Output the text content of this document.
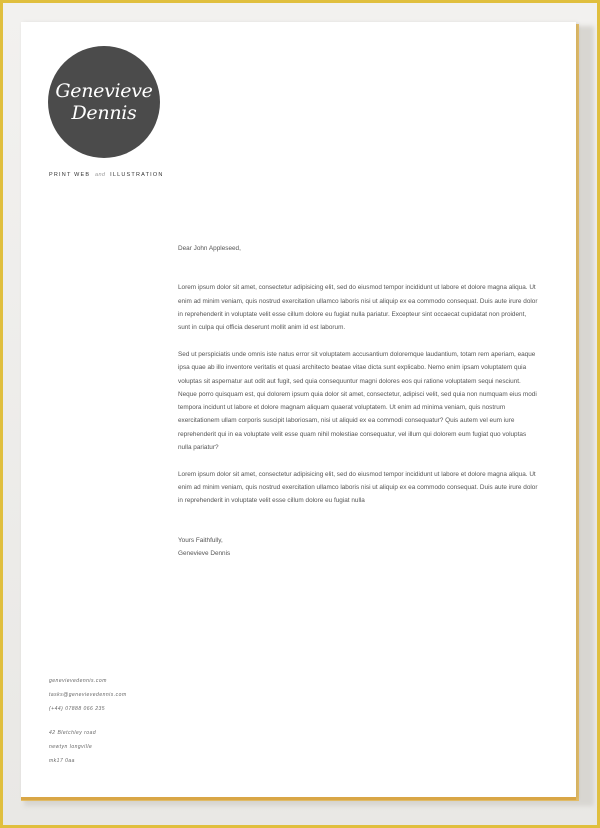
Genevieve
Dennis
PRINT WEB and ILLUSTRATION

Dear John Appleseed,

Lorem ipsum dolor sit amet, consectetur adipisicing elit, sed do eiusmod tempor incididunt ut labore et dolore magna aliqua. Ut enim ad minim veniam, quis nostrud exercitation ullamco laboris nisi ut aliquip ex ea commodo consequat. Duis aute irure dolor in reprehenderit in voluptate velit esse cillum dolore eu fugiat nulla pariatur. Excepteur sint occaecat cupidatat non proident, sunt in culpa qui officia deserunt mollit anim id est laborum.

Sed ut perspiciatis unde omnis iste natus error sit voluptatem accusantium doloremque laudantium, totam rem aperiam, eaque ipsa quae ab illo inventore veritatis et quasi architecto beatae vitae dicta sunt explicabo. Nemo enim ipsam voluptatem quia voluptas sit aspernatur aut odit aut fugit, sed quia consequuntur magni dolores eos qui ratione voluptatem sequi nesciunt. Neque porro quisquam est, qui dolorem ipsum quia dolor sit amet, consectetur, adipisci velit, sed quia non numquam eius modi tempora incidunt ut labore et dolore magnam aliquam quaerat voluptatem. Ut enim ad minima veniam, quis nostrum exercitationem ullam corporis suscipit laboriosam, nisi ut aliquid ex ea commodi consequatur? Quis autem vel eum iure reprehenderit qui in ea voluptate velit esse quam nihil molestiae consequatur, vel illum qui dolorem eum fugiat quo voluptas nulla pariatur?

Lorem ipsum dolor sit amet, consectetur adipisicing elit, sed do eiusmod tempor incididunt ut labore et dolore magna aliqua. Ut enim ad minim veniam, quis nostrud exercitation ullamco laboris nisi ut aliquip ex ea commodo consequat. Duis aute irure dolor in reprehenderit in voluptate velit esse cillum dolore eu fugiat nulla

Yours Faithfully,
Genevieve Dennis
genevievedennis.com
tasks@genevievedennis.com
(+44) 07888 066 235
42 Bletchley road
newtyn longville
mk17 0aa
